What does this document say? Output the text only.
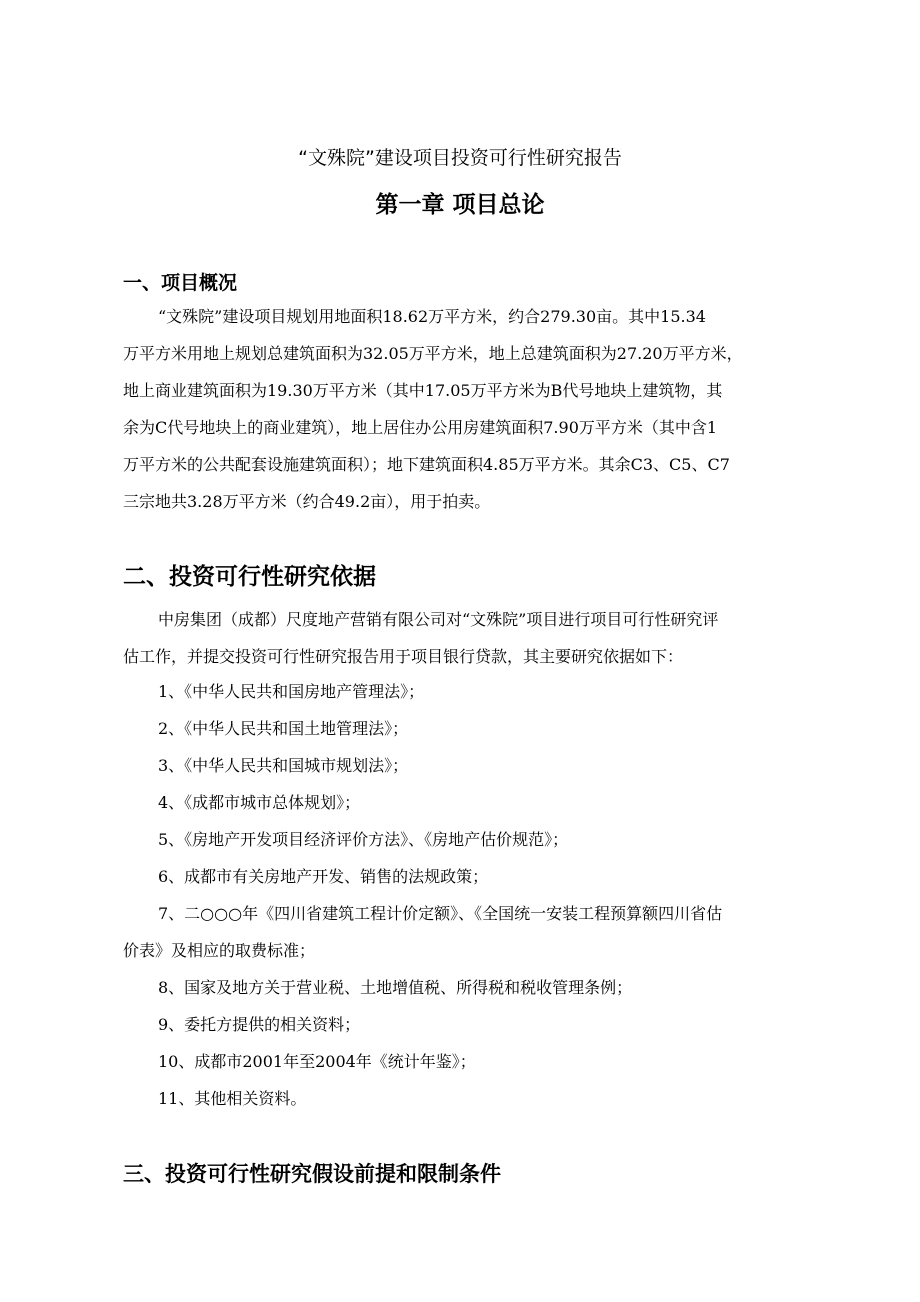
“文殊院”建设项目投资可行性研究报告
第一章 项目总论
一、项目概况
“文殊院”建设项目规划用地面积18.62万平方米，约合279.30亩。其中15.34
万平方米用地上规划总建筑面积为32.05万平方米，地上总建筑面积为27.20万平方米，
地上商业建筑面积为19.30万平方米（其中17.05万平方米为B代号地块上建筑物，其
余为C代号地块上的商业建筑），地上居住办公用房建筑面积7.90万平方米（其中含1
万平方米的公共配套设施建筑面积）；地下建筑面积4.85万平方米。其余C3、C5、C7
三宗地共3.28万平方米（约合49.2亩），用于拍卖。
二、投资可行性研究依据
中房集团（成都）尺度地产营销有限公司对“文殊院”项目进行项目可行性研究评
估工作，并提交投资可行性研究报告用于项目银行贷款，其主要研究依据如下：
1、《中华人民共和国房地产管理法》；
2、《中华人民共和国土地管理法》；
3、《中华人民共和国城市规划法》；
4、《成都市城市总体规划》；
5、《房地产开发项目经济评价方法》、《房地产估价规范》；
6、成都市有关房地产开发、销售的法规政策；
7、二○○○年《四川省建筑工程计价定额》、《全国统一安装工程预算额四川省估
价表》及相应的取费标准；
8、国家及地方关于营业税、土地增值税、所得税和税收管理条例；
9、委托方提供的相关资料；
10、成都市2001年至2004年《统计年鉴》；
11、其他相关资料。
三、投资可行性研究假设前提和限制条件
